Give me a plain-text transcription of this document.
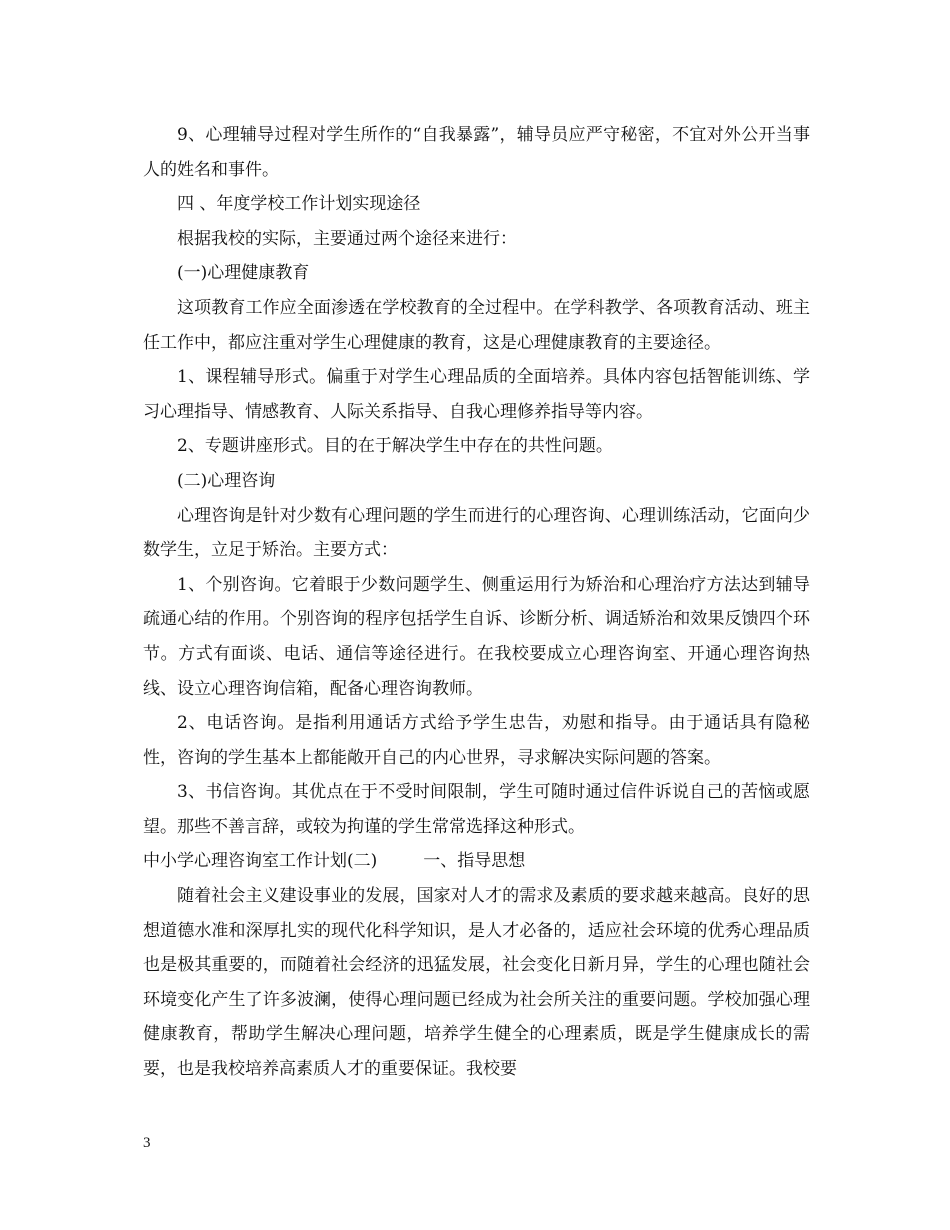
9、心理辅导过程对学生所作的“自我暴露”，辅导员应严守秘密，不宜对外公开当事人的姓名和事件。

四 、年度学校工作计划实现途径

根据我校的实际，主要通过两个途径来进行：

(一)心理健康教育

这项教育工作应全面渗透在学校教育的全过程中。在学科教学、各项教育活动、班主任工作中，都应注重对学生心理健康的教育，这是心理健康教育的主要途径。

1、课程辅导形式。偏重于对学生心理品质的全面培养。具体内容包括智能训练、学习心理指导、情感教育、人际关系指导、自我心理修养指导等内容。

2、专题讲座形式。目的在于解决学生中存在的共性问题。

(二)心理咨询

心理咨询是针对少数有心理问题的学生而进行的心理咨询、心理训练活动，它面向少数学生，立足于矫治。主要方式：

1、个别咨询。它着眼于少数问题学生、侧重运用行为矫治和心理治疗方法达到辅导疏通心结的作用。个别咨询的程序包括学生自诉、诊断分析、调适矫治和效果反馈四个环节。方式有面谈、电话、通信等途径进行。在我校要成立心理咨询室、开通心理咨询热线、设立心理咨询信箱，配备心理咨询教师。

2、电话咨询。是指利用通话方式给予学生忠告，劝慰和指导。由于通话具有隐秘性，咨询的学生基本上都能敞开自己的内心世界，寻求解决实际问题的答案。

3、书信咨询。其优点在于不受时间限制，学生可随时通过信件诉说自己的苦恼或愿望。那些不善言辞，或较为拘谨的学生常常选择这种形式。

中小学心理咨询室工作计划(二)	一、指导思想

随着社会主义建设事业的发展，国家对人才的需求及素质的要求越来越高。良好的思想道德水准和深厚扎实的现代化科学知识，是人才必备的，适应社会环境的优秀心理品质也是极其重要的，而随着社会经济的迅猛发展，社会变化日新月异，学生的心理也随社会环境变化产生了许多波澜，使得心理问题已经成为社会所关注的重要问题。学校加强心理健康教育，帮助学生解决心理问题，培养学生健全的心理素质，既是学生健康成长的需要，也是我校培养高素质人才的重要保证。我校要

3
